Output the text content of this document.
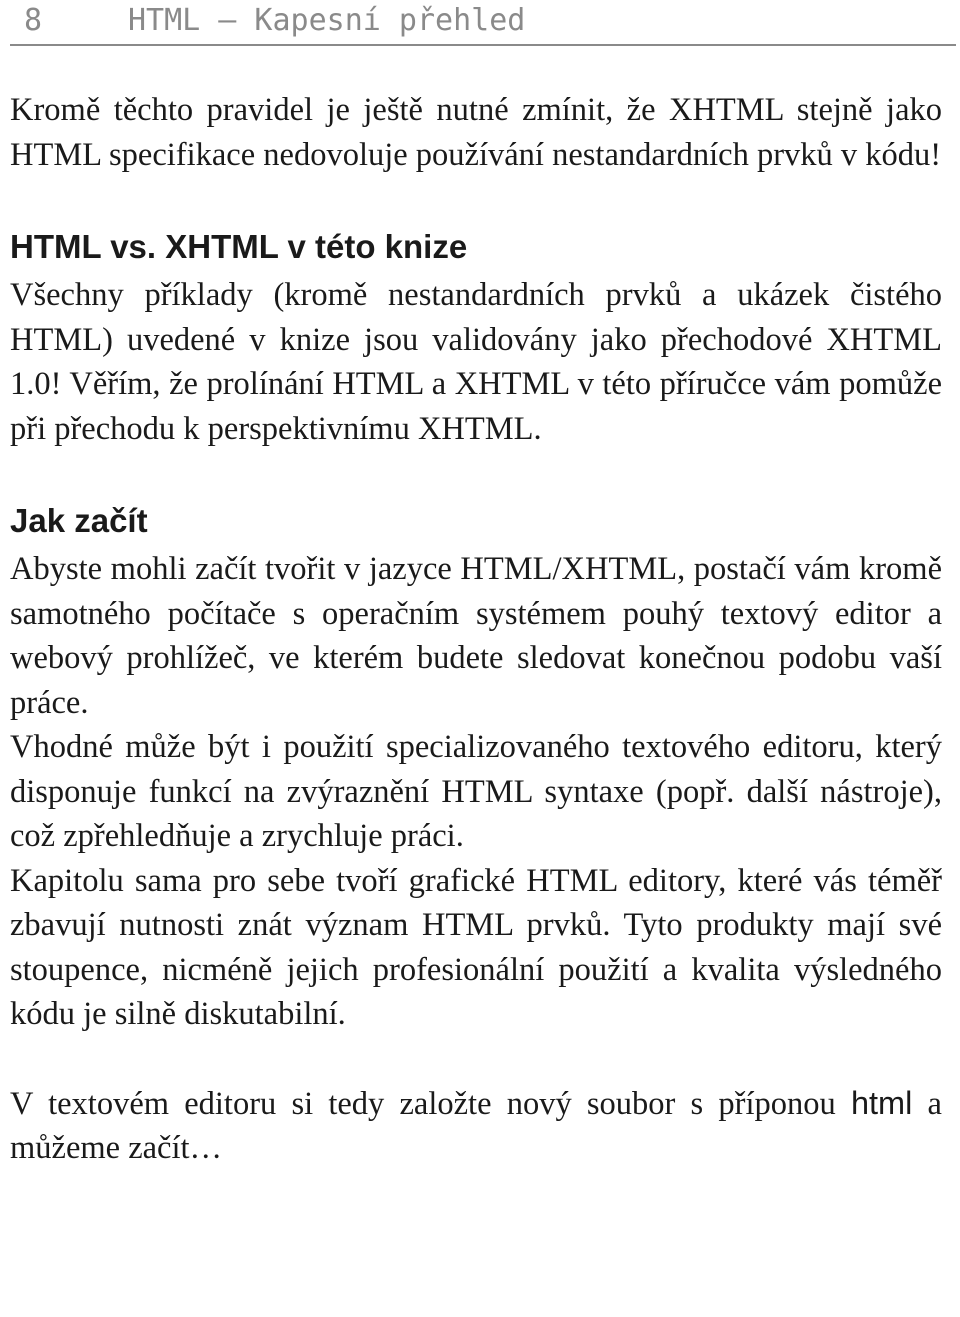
8	HTML – Kapesní přehled

Kromě těchto pravidel je ještě nutné zmínit, že XHTML stejně jako HTML specifikace nedovoluje používání nestandardních prvků v kódu!

HTML vs. XHTML v této knize

Všechny příklady (kromě nestandardních prvků a ukázek čistého HTML) uvedené v knize jsou validovány jako přechodové XHTML 1.0! Věřím, že prolínání HTML a XHTML v této příručce vám pomůže při přechodu k perspektivnímu XHTML.

Jak začít

Abyste mohli začít tvořit v jazyce HTML/XHTML, postačí vám kromě samotného počítače s operačním systémem pouhý textový editor a webový prohlížeč, ve kterém budete sledovat konečnou podobu vaší práce.

Vhodné může být i použití specializovaného textového editoru, který disponuje funkcí na zvýraznění HTML syntaxe (popř. další nástroje), což zpřehledňuje a zrychluje práci.

Kapitolu sama pro sebe tvoří grafické HTML editory, které vás téměř zbavují nutnosti znát význam HTML prvků. Tyto produkty mají své stoupence, nicméně jejich profesionální použití a kvalita výsledného kódu je silně diskutabilní.

V textovém editoru si tedy založte nový soubor s příponou html a můžeme začít…
